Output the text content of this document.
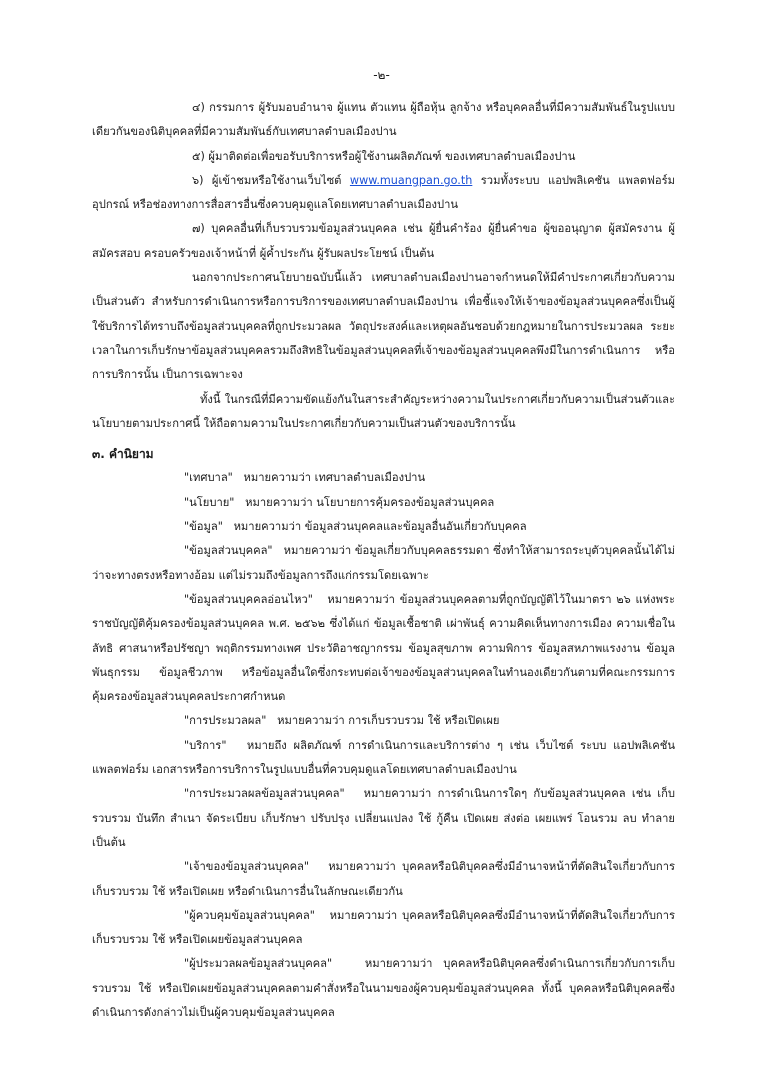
-๒-

๔) กรรมการ ผู้รับมอบอำนาจ ผู้แทน ตัวแทน ผู้ถือหุ้น ลูกจ้าง หรือบุคคลอื่นที่มีความสัมพันธ์ในรูปแบบเดียวกันของนิติบุคคลที่มีความสัมพันธ์กับเทศบาลตำบลเมืองปาน

๕) ผู้มาติดต่อเพื่อขอรับบริการหรือผู้ใช้งานผลิตภัณฑ์ ของเทศบาลตำบลเมืองปาน

๖) ผู้เข้าชมหรือใช้งานเว็บไซต์ www.muangpan.go.th รวมทั้งระบบ แอปพลิเคชัน แพลตฟอร์ม อุปกรณ์ หรือช่องทางการสื่อสารอื่นซึ่งควบคุมดูแลโดยเทศบาลตำบลเมืองปาน

๗) บุคคลอื่นที่เก็บรวบรวมข้อมูลส่วนบุคคล เช่น ผู้ยื่นคำร้อง ผู้ยื่นคำขอ ผู้ขออนุญาต ผู้สมัครงาน ผู้สมัครสอบ ครอบครัวของเจ้าหน้าที่ ผู้ค้ำประกัน ผู้รับผลประโยชน์ เป็นต้น

นอกจากประกาศนโยบายฉบับนี้แล้ว เทศบาลตำบลเมืองปานอาจกำหนดให้มีคำประกาศเกี่ยวกับความเป็นส่วนตัว สำหรับการดำเนินการหรือการบริการของเทศบาลตำบลเมืองปาน เพื่อชี้แจงให้เจ้าของข้อมูลส่วนบุคคลซึ่งเป็นผู้ใช้บริการได้ทราบถึงข้อมูลส่วนบุคคลที่ถูกประมวลผล วัตถุประสงค์และเหตุผลอันชอบด้วยกฎหมายในการประมวลผล ระยะเวลาในการเก็บรักษาข้อมูลส่วนบุคคลรวมถึงสิทธิในข้อมูลส่วนบุคคลที่เจ้าของข้อมูลส่วนบุคคลพึงมีในการดำเนินการ หรือการบริการนั้น เป็นการเฉพาะจง

ทั้งนี้ ในกรณีที่มีความขัดแย้งกันในสาระสำคัญระหว่างความในประกาศเกี่ยวกับความเป็นส่วนตัวและนโยบายตามประกาศนี้ ให้ถือตามความในประกาศเกี่ยวกับความเป็นส่วนตัวของบริการนั้น

๓. คำนิยาม

"เทศบาล" หมายความว่า เทศบาลตำบลเมืองปาน

"นโยบาย" หมายความว่า นโยบายการคุ้มครองข้อมูลส่วนบุคคล

"ข้อมูล" หมายความว่า ข้อมูลส่วนบุคคลและข้อมูลอื่นอันเกี่ยวกับบุคคล

"ข้อมูลส่วนบุคคล" หมายความว่า ข้อมูลเกี่ยวกับบุคคลธรรมดา ซึ่งทำให้สามารถระบุตัวบุคคลนั้นได้ไม่ว่าจะทางตรงหรือทางอ้อม แต่ไม่รวมถึงข้อมูลการถึงแก่กรรมโดยเฉพาะ

"ข้อมูลส่วนบุคคลอ่อนไหว" หมายความว่า ข้อมูลส่วนบุคคลตามที่ถูกบัญญัติไว้ในมาตรา ๒๖ แห่งพระราชบัญญัติคุ้มครองข้อมูลส่วนบุคคล พ.ศ. ๒๕๖๒ ซึ่งได้แก่ ข้อมูลเชื้อชาติ เผ่าพันธุ์ ความคิดเห็นทางการเมือง ความเชื่อในลัทธิ ศาสนาหรือปรัชญา พฤติกรรมทางเพศ ประวัติอาชญากรรม ข้อมูลสุขภาพ ความพิการ ข้อมูลสหภาพแรงงาน ข้อมูลพันธุกรรม ข้อมูลชีวภาพ หรือข้อมูลอื่นใดซึ่งกระทบต่อเจ้าของข้อมูลส่วนบุคคลในทำนองเดียวกันตามที่คณะกรรมการคุ้มครองข้อมูลส่วนบุคคลประกาศกำหนด

"การประมวลผล" หมายความว่า การเก็บรวบรวม ใช้ หรือเปิดเผย

"บริการ" หมายถึง ผลิตภัณฑ์ การดำเนินการและบริการต่าง ๆ เช่น เว็บไซต์ ระบบ แอปพลิเคชัน แพลตฟอร์ม เอกสารหรือการบริการในรูปแบบอื่นที่ควบคุมดูแลโดยเทศบาลตำบลเมืองปาน

"การประมวลผลข้อมูลส่วนบุคคล" หมายความว่า การดำเนินการใดๆ กับข้อมูลส่วนบุคคล เช่น เก็บรวบรวม บันทึก สำเนา จัดระเบียบ เก็บรักษา ปรับปรุง เปลี่ยนแปลง ใช้ กู้คืน เปิดเผย ส่งต่อ เผยแพร่ โอนรวม ลบ ทำลาย เป็นต้น

"เจ้าของข้อมูลส่วนบุคคล" หมายความว่า บุคคลหรือนิติบุคคลซึ่งมีอำนาจหน้าที่ตัดสินใจเกี่ยวกับการเก็บรวบรวม ใช้ หรือเปิดเผย หรือดำเนินการอื่นในลักษณะเดียวกัน

"ผู้ควบคุมข้อมูลส่วนบุคคล" หมายความว่า บุคคลหรือนิติบุคคลซึ่งมีอำนาจหน้าที่ตัดสินใจเกี่ยวกับการเก็บรวบรวม ใช้ หรือเปิดเผยข้อมูลส่วนบุคคล

"ผู้ประมวลผลข้อมูลส่วนบุคคล"	หมายความว่า บุคคลหรือนิติบุคคลซึ่งดำเนินการเกี่ยวกับการเก็บรวบรวม ใช้ หรือเปิดเผยข้อมูลส่วนบุคคลตามคำสั่งหรือในนามของผู้ควบคุมข้อมูลส่วนบุคคล ทั้งนี้ บุคคลหรือนิติบุคคลซึ่งดำเนินการดังกล่าวไม่เป็นผู้ควบคุมข้อมูลส่วนบุคคล
